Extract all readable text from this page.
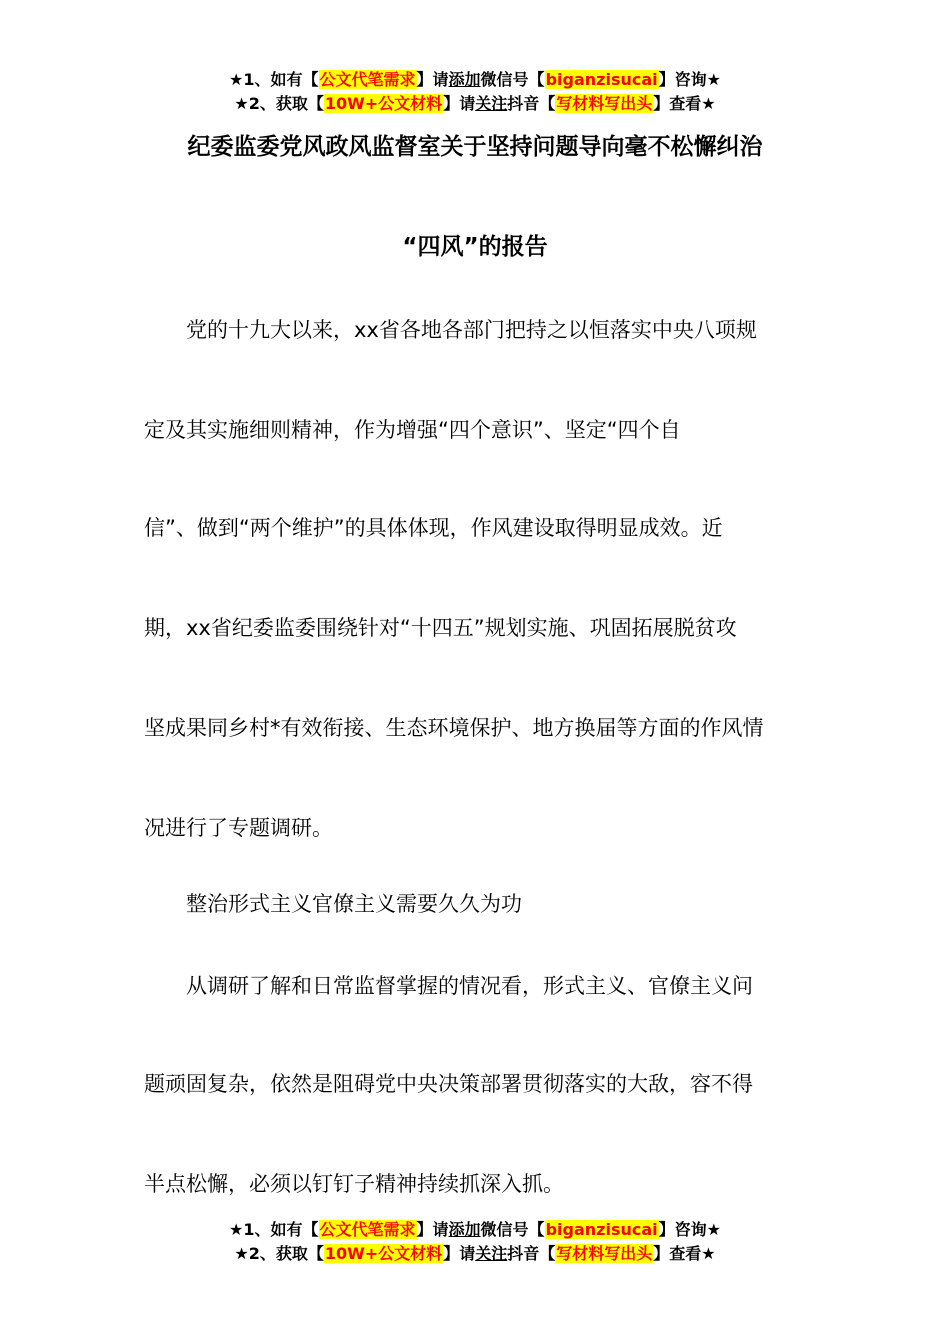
★1、如有【公文代笔需求】请添加微信号【biganzisucai】咨询★
★2、获取【10W+公文材料】请关注抖音【写材料写出头】查看★
纪委监委党风政风监督室关于坚持问题导向毫不松懈纠治
“四风”的报告
　　党的十九大以来，xx省各地各部门把持之以恒落实中央八项规
定及其实施细则精神，作为增强“四个意识”、坚定“四个自
信”、做到“两个维护”的具体体现，作风建设取得明显成效。近
期，xx省纪委监委围绕针对“十四五”规划实施、巩固拓展脱贫攻
坚成果同乡村*有效衔接、生态环境保护、地方换届等方面的作风情
况进行了专题调研。
　　整治形式主义官僚主义需要久久为功
　　从调研了解和日常监督掌握的情况看，形式主义、官僚主义问
题顽固复杂，依然是阻碍党中央决策部署贯彻落实的大敌，容不得
半点松懈，必须以钉钉子精神持续抓深入抓。
★1、如有【公文代笔需求】请添加微信号【biganzisucai】咨询★
★2、获取【10W+公文材料】请关注抖音【写材料写出头】查看★
